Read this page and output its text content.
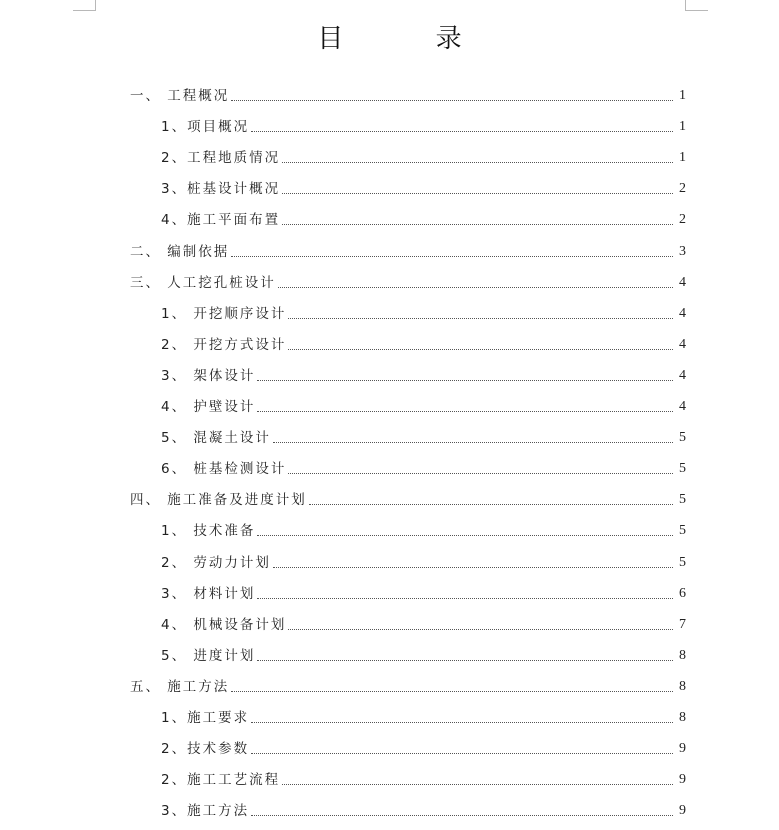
目 录
一、 工程概况	1
1、项目概况	1
2、工程地质情况	1
3、桩基设计概况	2
4、施工平面布置	2
二、 编制依据	3
三、 人工挖孔桩设计	4
1、 开挖顺序设计	4
2、 开挖方式设计	4
3、 架体设计	4
4、 护壁设计	4
5、 混凝土设计	5
6、 桩基检测设计	5
四、 施工准备及进度计划	5
1、 技术准备	5
2、 劳动力计划	5
3、 材料计划	6
4、 机械设备计划	7
5、 进度计划	8
五、 施工方法	8
1、施工要求	8
2、技术参数	9
2、施工工艺流程	9
3、施工方法	9
